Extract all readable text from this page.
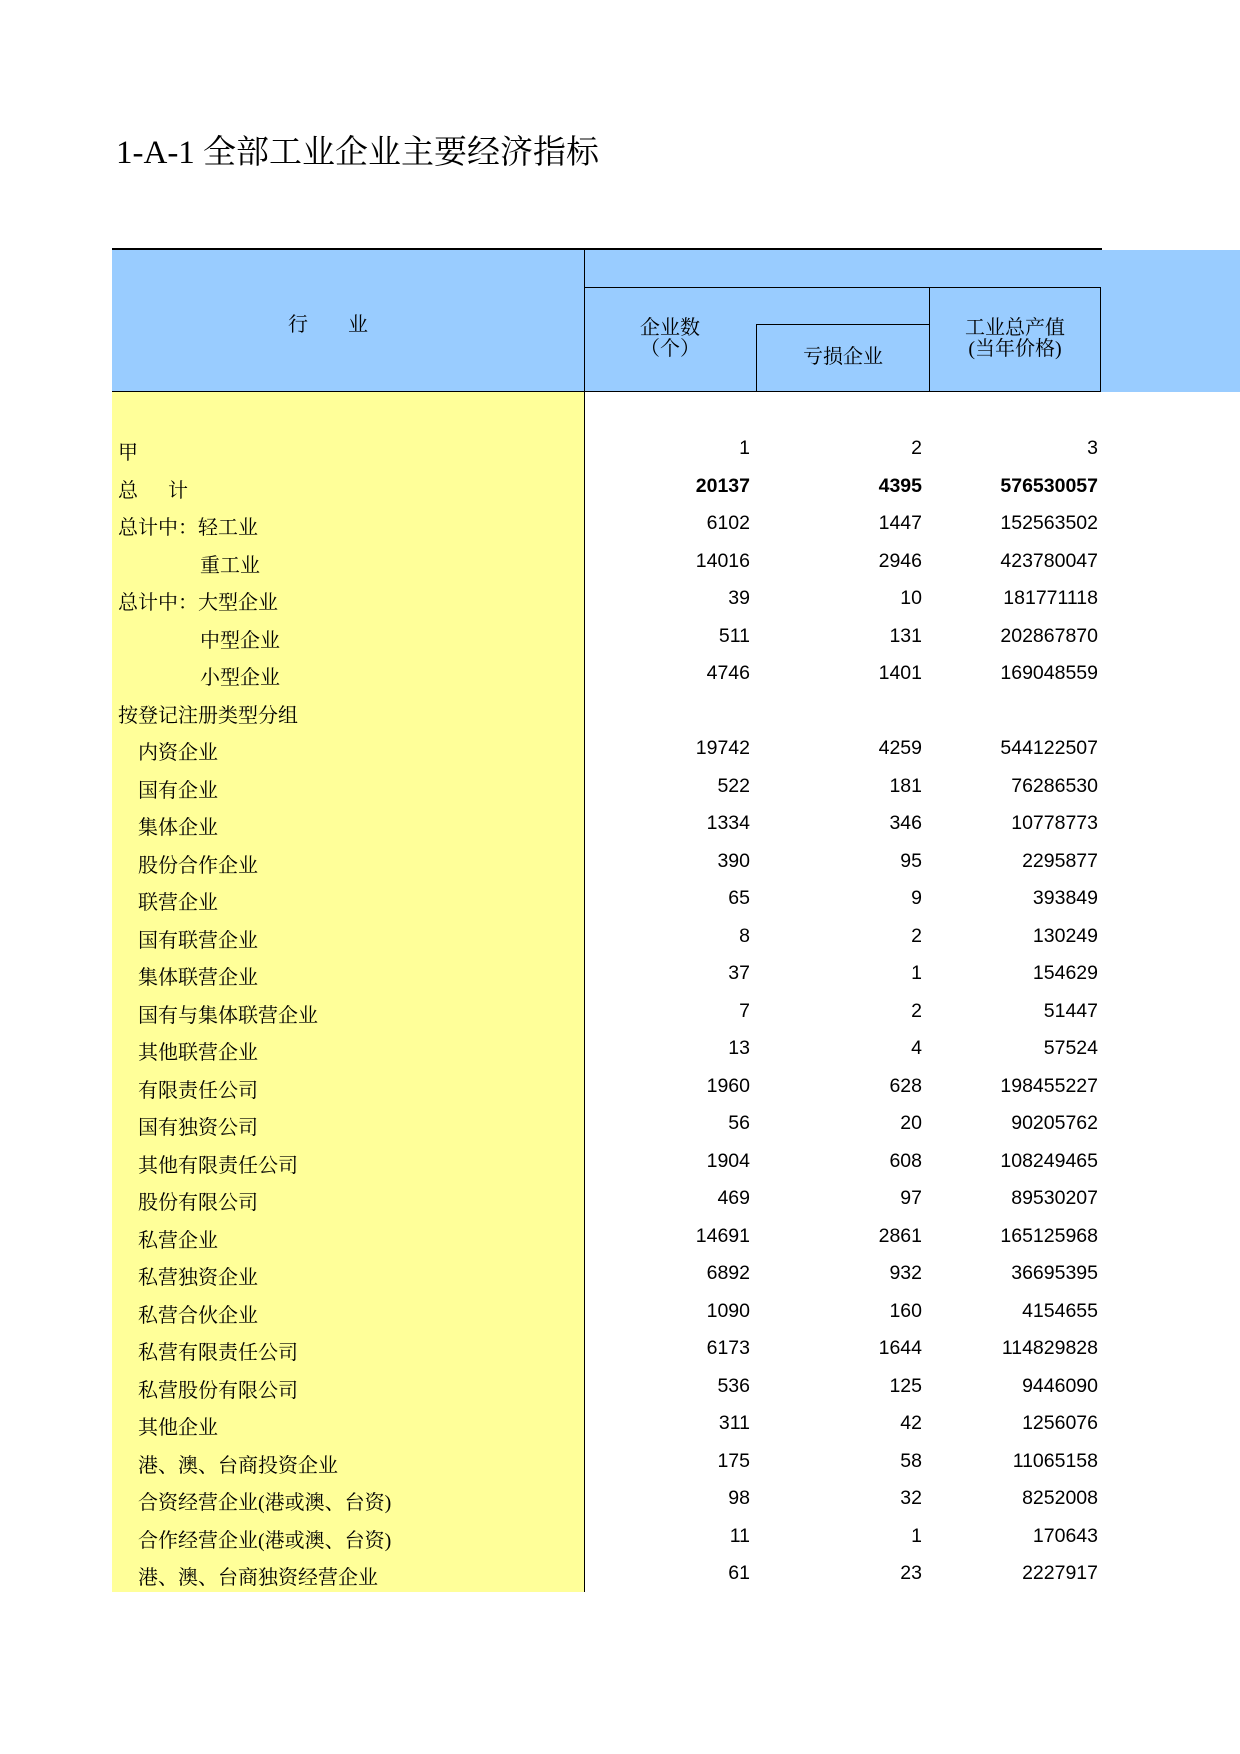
1-A-1 全部工业企业主要经济指标
行业	企业数
（个）	亏损企业
工业总产值
(当年价格)
甲	1	2	3
总计	20137	4395	576530057
总计中：轻工业	6102	1447	152563502
重工业	14016	2946	423780047
总计中：大型企业	39	10	181771118
中型企业	511	131	202867870
小型企业	4746	1401	169048559
按登记注册类型分组
内资企业	19742	4259	544122507
国有企业	522	181	76286530
集体企业	1334	346	10778773
股份合作企业	390	95	2295877
联营企业	65	9	393849
国有联营企业	8	2	130249
集体联营企业	37	1	154629
国有与集体联营企业	7	2	51447
其他联营企业	13	4	57524
有限责任公司	1960	628	198455227
国有独资公司	56	20	90205762
其他有限责任公司	1904	608	108249465
股份有限公司	469	97	89530207
私营企业	14691	2861	165125968
私营独资企业	6892	932	36695395
私营合伙企业	1090	160	4154655
私营有限责任公司	6173	1644	114829828
私营股份有限公司	536	125	9446090
其他企业	311	42	1256076
港、澳、台商投资企业	175	58	11065158
合资经营企业(港或澳、台资)	98	32	8252008
合作经营企业(港或澳、台资)	11	1	170643
港、澳、台商独资经营企业	61	23	2227917
